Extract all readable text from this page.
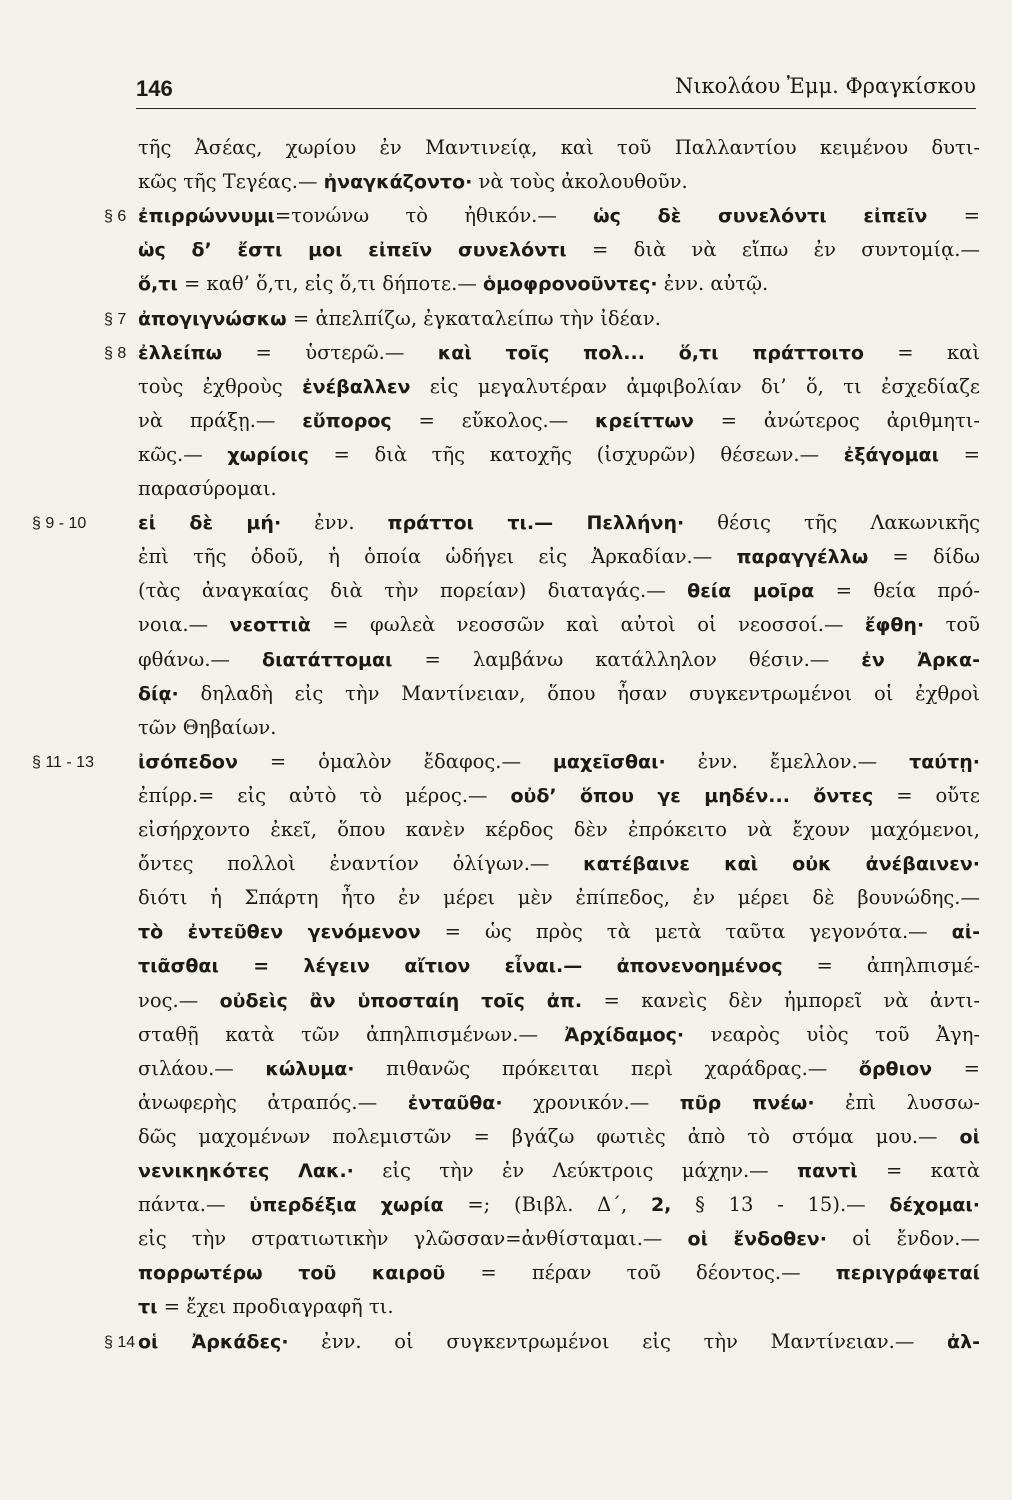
146	Νικολάου Ἐμμ. Φραγκίσκου
τῆς Ἀσέας, χωρίου ἐν Μαντινείᾳ, καὶ τοῦ Παλλαντίου κειμένου δυτι-
κῶς τῆς Τεγέας.— ἠναγκάζοντο· νὰ τοὺς ἀκολουθοῦν.
§ 6 ἐπιρρώννυμι=τονώνω τὸ ἠθικόν.— ὡς δὲ συνελόντι εἰπεῖν =
ὡς δ’ ἔστι μοι εἰπεῖν συνελόντι = διὰ νὰ εἴπω ἐν συντομίᾳ.—
ὅ,τι = καθ’ ὅ,τι, εἰς ὅ,τι δήποτε.— ὁμοφρονοῦντες· ἐνν. αὐτῷ.
§ 7 ἀπογιγνώσκω = ἀπελπίζω, ἐγκαταλείπω τὴν ἰδέαν.
§ 8 ἐλλείπω = ὑστερῶ.— καὶ τοῖς πολ... ὅ,τι πράττοιτο = καὶ
τοὺς ἐχθροὺς ἐνέβαλλεν εἰς μεγαλυτέραν ἀμφιβολίαν δι’ ὅ, τι ἐσχεδίαζε
νὰ πράξῃ.— εὔπορος = εὔκολος.— κρείττων = ἀνώτερος ἀριθμητι-
κῶς.— χωρίοις = διὰ τῆς κατοχῆς (ἰσχυρῶν) θέσεων.— ἐξάγομαι =
παρασύρομαι.
§ 9 - 10	εἰ δὲ μή· ἐνν. πράττοι τι.— Πελλήνη· θέσις τῆς Λακωνικῆς
ἐπὶ τῆς ὁδοῦ, ἡ ὁποία ὡδήγει εἰς Ἀρκαδίαν.— παραγγέλλω = δίδω
(τὰς ἀναγκαίας διὰ τὴν πορείαν) διαταγάς.— θεία μοῖρα = θεία πρό-
νοια.— νεοττιὰ = φωλεὰ νεοσσῶν καὶ αὐτοὶ οἱ νεοσσοί.— ἔφθη· τοῦ
φθάνω.— διατάττομαι = λαμβάνω κατάλληλον θέσιν.— ἐν Ἀρκα-
δίᾳ· δηλαδὴ εἰς τὴν Μαντίνειαν, ὅπου ἦσαν συγκεντρωμένοι οἱ ἐχθροὶ
τῶν Θηβαίων.
§ 11 - 13	ἰσόπεδον = ὁμαλὸν ἔδαφος.— μαχεῖσθαι· ἐνν. ἔμελλον.— ταύτῃ·
ἐπίρρ.= εἰς αὐτὸ τὸ μέρος.— οὐδ’ ὅπου γε μηδέν... ὄντες = οὔτε
εἰσήρχοντο ἐκεῖ, ὅπου κανὲν κέρδος δὲν ἐπρόκειτο νὰ ἔχουν μαχόμενοι,
ὄντες πολλοὶ ἐναντίον ὀλίγων.— κατέβαινε καὶ οὐκ ἀνέβαινεν·
διότι ἡ Σπάρτη ἦτο ἐν μέρει μὲν ἐπίπεδος, ἐν μέρει δὲ βουνώδης.—
τὸ ἐντεῦθεν γενόμενον = ὡς πρὸς τὰ μετὰ ταῦτα γεγονότα.— αἰ-
τιᾶσθαι = λέγειν αἴτιον εἶναι.— ἀπονενοημένος = ἀπηλπισμέ-
νος.— οὐδεὶς ἂν ὑποσταίη τοῖς ἀπ. = κανεὶς δὲν ἠμπορεῖ νὰ ἀντι-
σταθῇ κατὰ τῶν ἀπηλπισμένων.— Ἀρχίδαμος· νεαρὸς υἱὸς τοῦ Ἀγη-
σιλάου.— κώλυμα· πιθανῶς πρόκειται περὶ χαράδρας.— ὄρθιον =
ἀνωφερὴς ἀτραπός.— ἐνταῦθα· χρονικόν.— πῦρ πνέω· ἐπὶ λυσσω-
δῶς μαχομένων πολεμιστῶν = βγάζω φωτιὲς ἀπὸ τὸ στόμα μου.— οἱ
νενικηκότες Λακ.· εἰς τὴν ἐν Λεύκτροις μάχην.— παντὶ = κατὰ
πάντα.— ὑπερδέξια χωρία =; (Βιβλ. Δ΄, 2, § 13 - 15).— δέχομαι·
εἰς τὴν στρατιωτικὴν γλῶσσαν=ἀνθίσταμαι.— οἱ ἔνδοθεν· οἱ ἔνδον.—
πορρωτέρω τοῦ καιροῦ = πέραν τοῦ δέοντος.— περιγράφεταί
τι = ἔχει προδιαγραφῆ τι.
§ 14 οἱ Ἀρκάδες· ἐνν. οἱ συγκεντρωμένοι εἰς τὴν Μαντίνειαν.— ἀλ-
